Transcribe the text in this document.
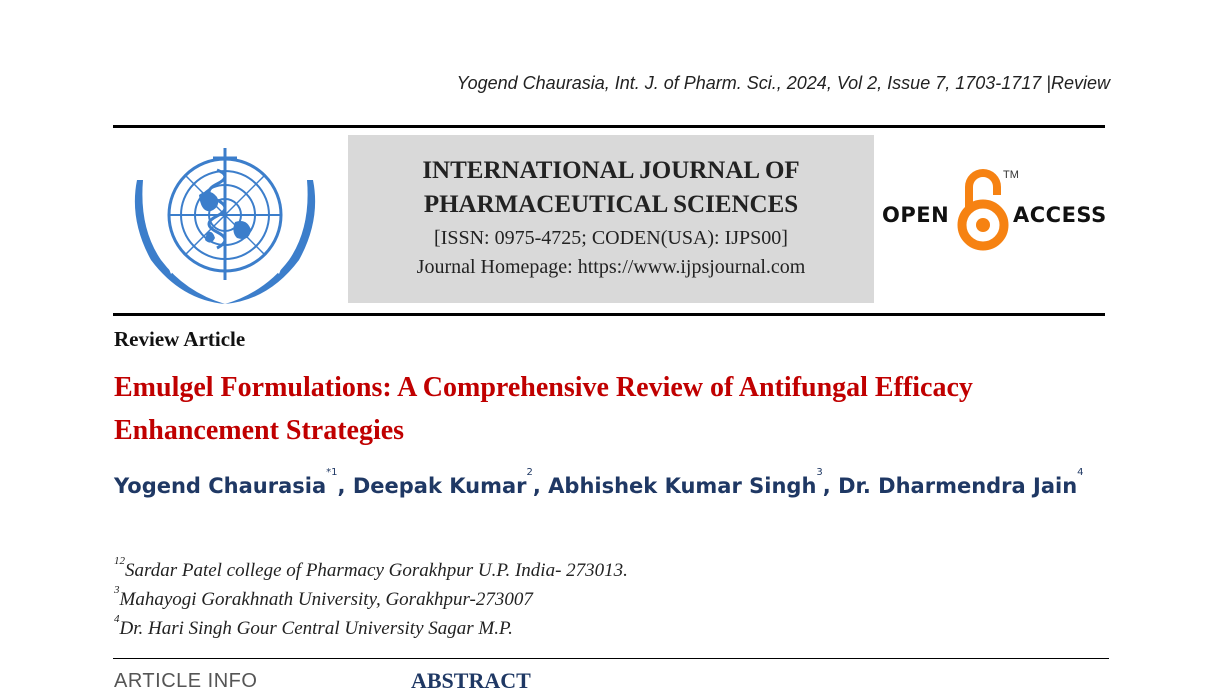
Yogend Chaurasia, Int. J. of Pharm. Sci., 2024, Vol 2, Issue 7, 1703-1717 |Review
INTERNATIONAL JOURNAL OF
PHARMACEUTICAL SCIENCES
[ISSN: 0975-4725; CODEN(USA): IJPS00]
Journal Homepage: https://www.ijpsjournal.com
OPEN
TM
ACCESS
Review Article
Emulgel Formulations: A Comprehensive Review of Antifungal Efficacy Enhancement Strategies
Yogend Chaurasia$^{*1}$, Deepak Kumar$^2$, Abhishek Kumar Singh$^3$, Dr. Dharmendra Jain$^4$
$^{12}$Sardar Patel college of Pharmacy Gorakhpur U.P. India- 273013.
$^3$Mahayogi Gorakhnath University, Gorakhpur-273007
$^4$Dr. Hari Singh Gour Central University Sagar M.P.
ARTICLE INFO	ABSTRACT
